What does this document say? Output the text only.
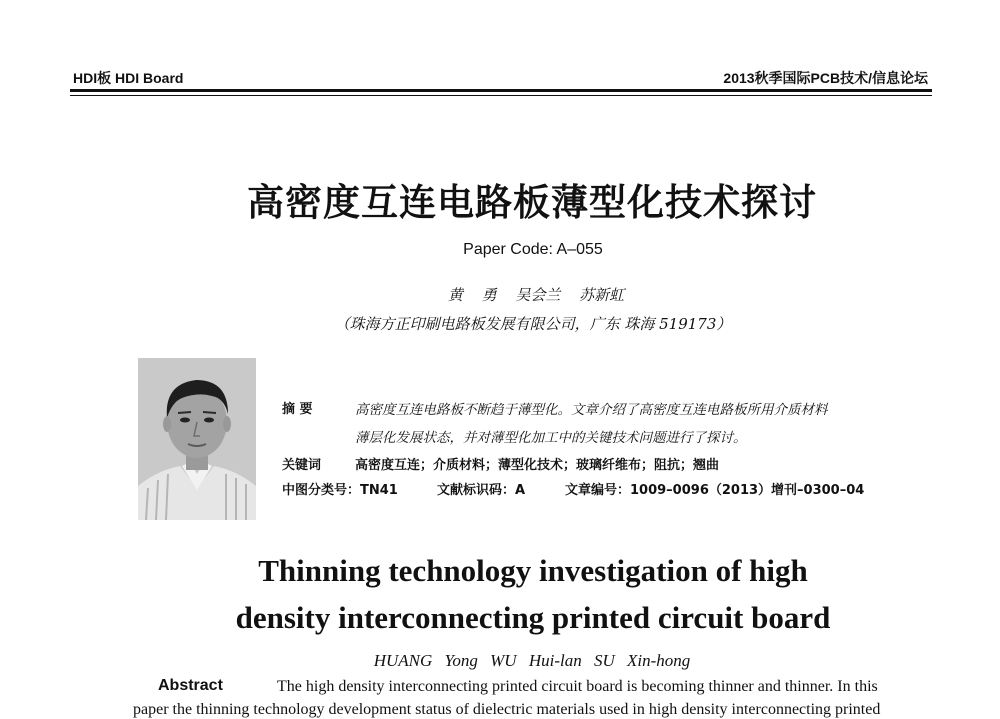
HDI板 HDI Board	2013秋季国际PCB技术/信息论坛
高密度互连电路板薄型化技术探讨
Paper Code: A–055
黄 勇 吴会兰 苏新虹
（珠海方正印刷电路板发展有限公司，广东 珠海 519173）
摘 要	高密度互连电路板不断趋于薄型化。文章介绍了高密度互连电路板所用介质材料
薄层化发展状态，并对薄型化加工中的关键技术问题进行了探讨。
关键词	高密度互连；介质材料；薄型化技术；玻璃纤维布；阻抗；翘曲
中图分类号：TN41	文献标识码：A	文章编号：1009–0096（2013）增刊–0300–04
Thinning technology investigation of high
density interconnecting printed circuit board
HUANG Yong WU Hui-lan SU Xin-hong
Abstract	The high density interconnecting printed circuit board is becoming thinner and thinner. In this
paper the thinning technology development status of dielectric materials used in high density interconnecting printed
